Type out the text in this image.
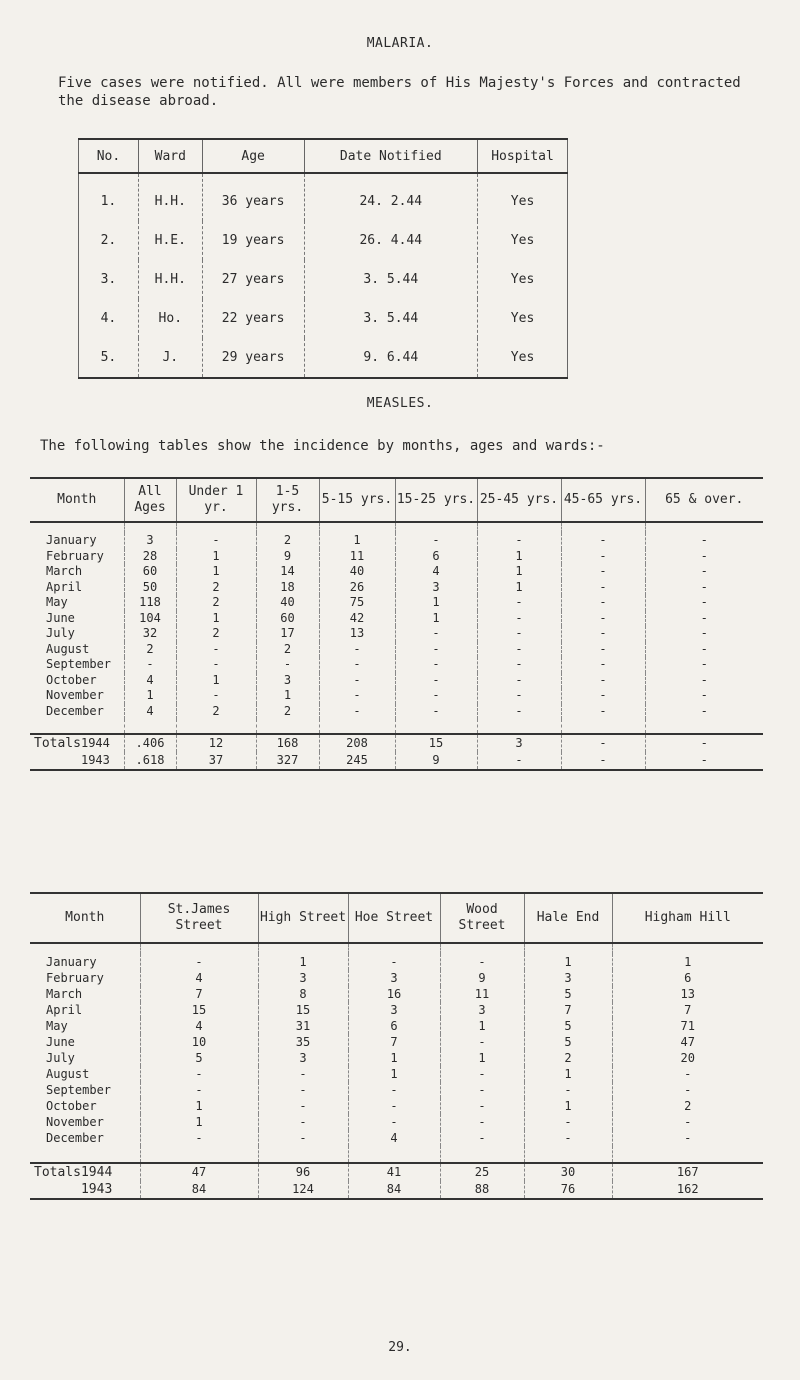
MALARIA.
Five cases were notified. All were members of His Majesty's Forces and contracted the disease abroad.
No.	Ward	Age	Date Notified	Hospital
1.	H.H.	36 years	24. 2.44	Yes
2.	H.E.	19 years	26. 4.44	Yes
3.	H.H.	27 years	3. 5.44	Yes
4.	Ho.	22 years	3. 5.44	Yes
5.	J.	29 years	9. 6.44	Yes
MEASLES.
The following tables show the incidence by months, ages and wards:-
Month	All Ages	Under 1 yr.	1-5 yrs.	5-15 yrs.	15-25 yrs.	25-45 yrs.	45-65 yrs.	65 & over.

January	3	-	2	1	-	-	-	-
February	28	1	9	11	6	1	-	-
March	60	1	14	40	4	1	-	-
April	50	2	18	26	3	1	-	-
May	118	2	40	75	1	-	-	-
June	104	1	60	42	1	-	-	-
July	32	2	17	13	-	-	-	-
August	2	-	2	-	-	-	-	-
September	-	-	-	-	-	-	-	-
October	4	1	3	-	-	-	-	-
November	1	-	1	-	-	-	-	-
December	4	2	2	-	-	-	-	-

Totals1944	.406	12	168	208	15	3	-	-
1943	.618	37	327	245	9	-	-	-
Month	St.James Street	High Street	Hoe Street	Wood Street	Hale End	Higham Hill

January	-	1	-	-	1	1
February	4	3	3	9	3	6
March	7	8	16	11	5	13
April	15	15	3	3	7	7
May	4	31	6	1	5	71
June	10	35	7	-	5	47
July	5	3	1	1	2	20
August	-	-	1	-	1	-
September	-	-	-	-	-	-
October	1	-	-	-	1	2
November	1	-	-	-	-	-
December	-	-	4	-	-	-

Totals1944	47	96	41	25	30	167
1943	84	124	84	88	76	162
29.
